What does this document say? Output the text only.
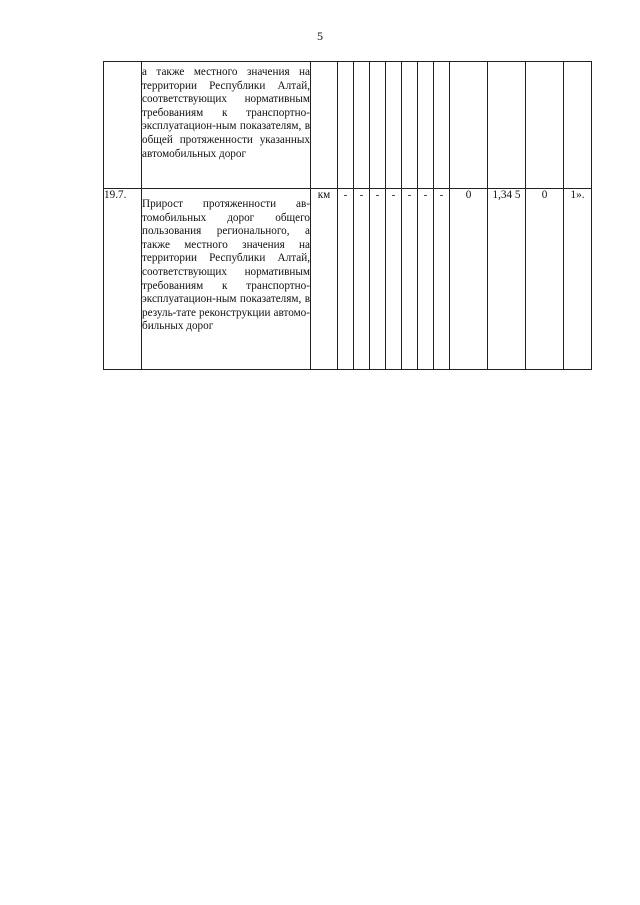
5
	а также местного значения на территории Республики Алтай, соответствующих нормативным требованиям к транспортно-эксплуатацион-ным показателям, в общей протяженности указанных автомобильных дорог												
19.7.	Прирост протяженности ав-томобильных дорог общего пользования регионального, а также местного значения на территории Республики Алтай, соответствующих нормативным требованиям к транспортно-эксплуатацион-ным показателям, в резуль-тате реконструкции автомо-бильных дорог	км	-	-	-	-	-	-	-	0	1,34 5	0	1».
